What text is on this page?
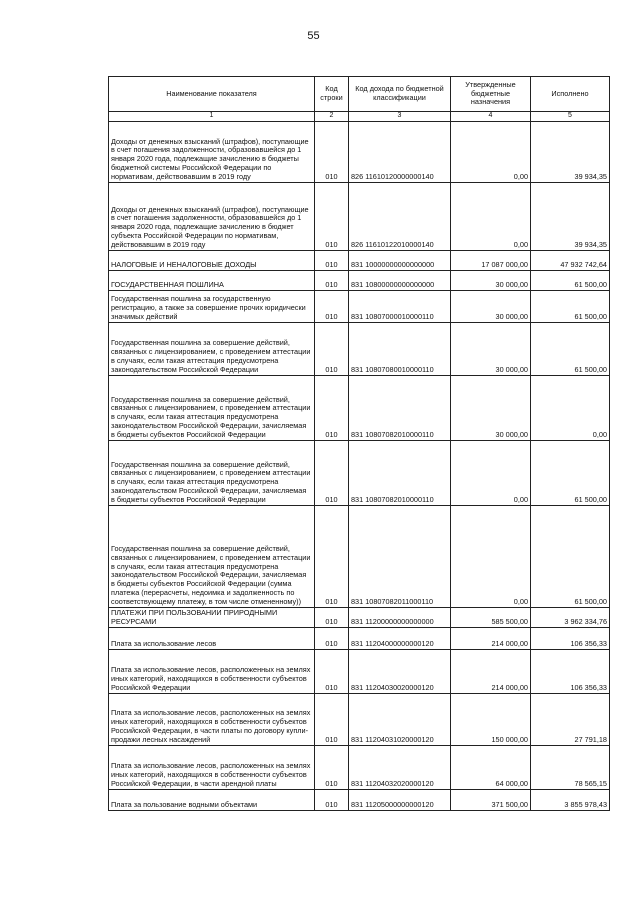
55
Наименование показателя	Код строки	Код дохода по бюджетной классификации	Утвержденные бюджетные назначения	Исполнено
1	2	3	4	5
Доходы от денежных взысканий (штрафов), поступающие в счет погашения задолженности, образовавшейся до 1 января 2020 года, подлежащие зачислению в бюджеты бюджетной системы Российской Федерации по нормативам, действовавшим в 2019 году	010	826 11610120000000140	0,00	39 934,35
Доходы от денежных взысканий (штрафов), поступающие в счет погашения задолженности, образовавшейся до 1 января 2020 года, подлежащие зачислению в бюджет субъекта Российской Федерации по нормативам, действовавшим в 2019 году	010	826 11610122010000140	0,00	39 934,35
НАЛОГОВЫЕ И НЕНАЛОГОВЫЕ ДОХОДЫ	010	831 10000000000000000	17 087 000,00	47 932 742,64
ГОСУДАРСТВЕННАЯ ПОШЛИНА	010	831 10800000000000000	30 000,00	61 500,00
Государственная пошлина за государственную регистрацию, а также за совершение прочих юридически значимых действий	010	831 10807000010000110	30 000,00	61 500,00
Государственная пошлина за совершение действий, связанных с лицензированием, с проведением аттестации в случаях, если такая аттестация предусмотрена законодательством Российской Федерации	010	831 10807080010000110	30 000,00	61 500,00
Государственная пошлина за совершение действий, связанных с лицензированием, с проведением аттестации в случаях, если такая аттестация предусмотрена законодательством Российской Федерации, зачисляемая в бюджеты субъектов Российской Федерации	010	831 10807082010000110	30 000,00	0,00
Государственная пошлина за совершение действий, связанных с лицензированием, с проведением аттестации в случаях, если такая аттестация предусмотрена законодательством Российской Федерации, зачисляемая в бюджеты субъектов Российской Федерации	010	831 10807082010000110	0,00	61 500,00
Государственная пошлина за совершение действий, связанных с лицензированием, с проведением аттестации в случаях, если такая аттестация предусмотрена законодательством Российской Федерации, зачисляемая в бюджеты субъектов Российской Федерации (сумма платежа (перерасчеты, недоимка и задолженность по соответствующему платежу, в том числе отмененному))	010	831 10807082011000110	0,00	61 500,00
ПЛАТЕЖИ ПРИ ПОЛЬЗОВАНИИ ПРИРОДНЫМИ РЕСУРСАМИ	010	831 11200000000000000	585 500,00	3 962 334,76
Плата за использование лесов	010	831 11204000000000120	214 000,00	106 356,33
Плата за использование лесов, расположенных на землях иных категорий, находящихся в собственности субъектов Российской Федерации	010	831 11204030020000120	214 000,00	106 356,33
Плата за использование лесов, расположенных на землях иных категорий, находящихся в собственности субъектов Российской Федерации, в части платы по договору купли-продажи лесных насаждений	010	831 11204031020000120	150 000,00	27 791,18
Плата за использование лесов, расположенных на землях иных категорий, находящихся в собственности субъектов Российской Федерации, в части арендной платы	010	831 11204032020000120	64 000,00	78 565,15
Плата за пользование водными объектами	010	831 11205000000000120	371 500,00	3 855 978,43
